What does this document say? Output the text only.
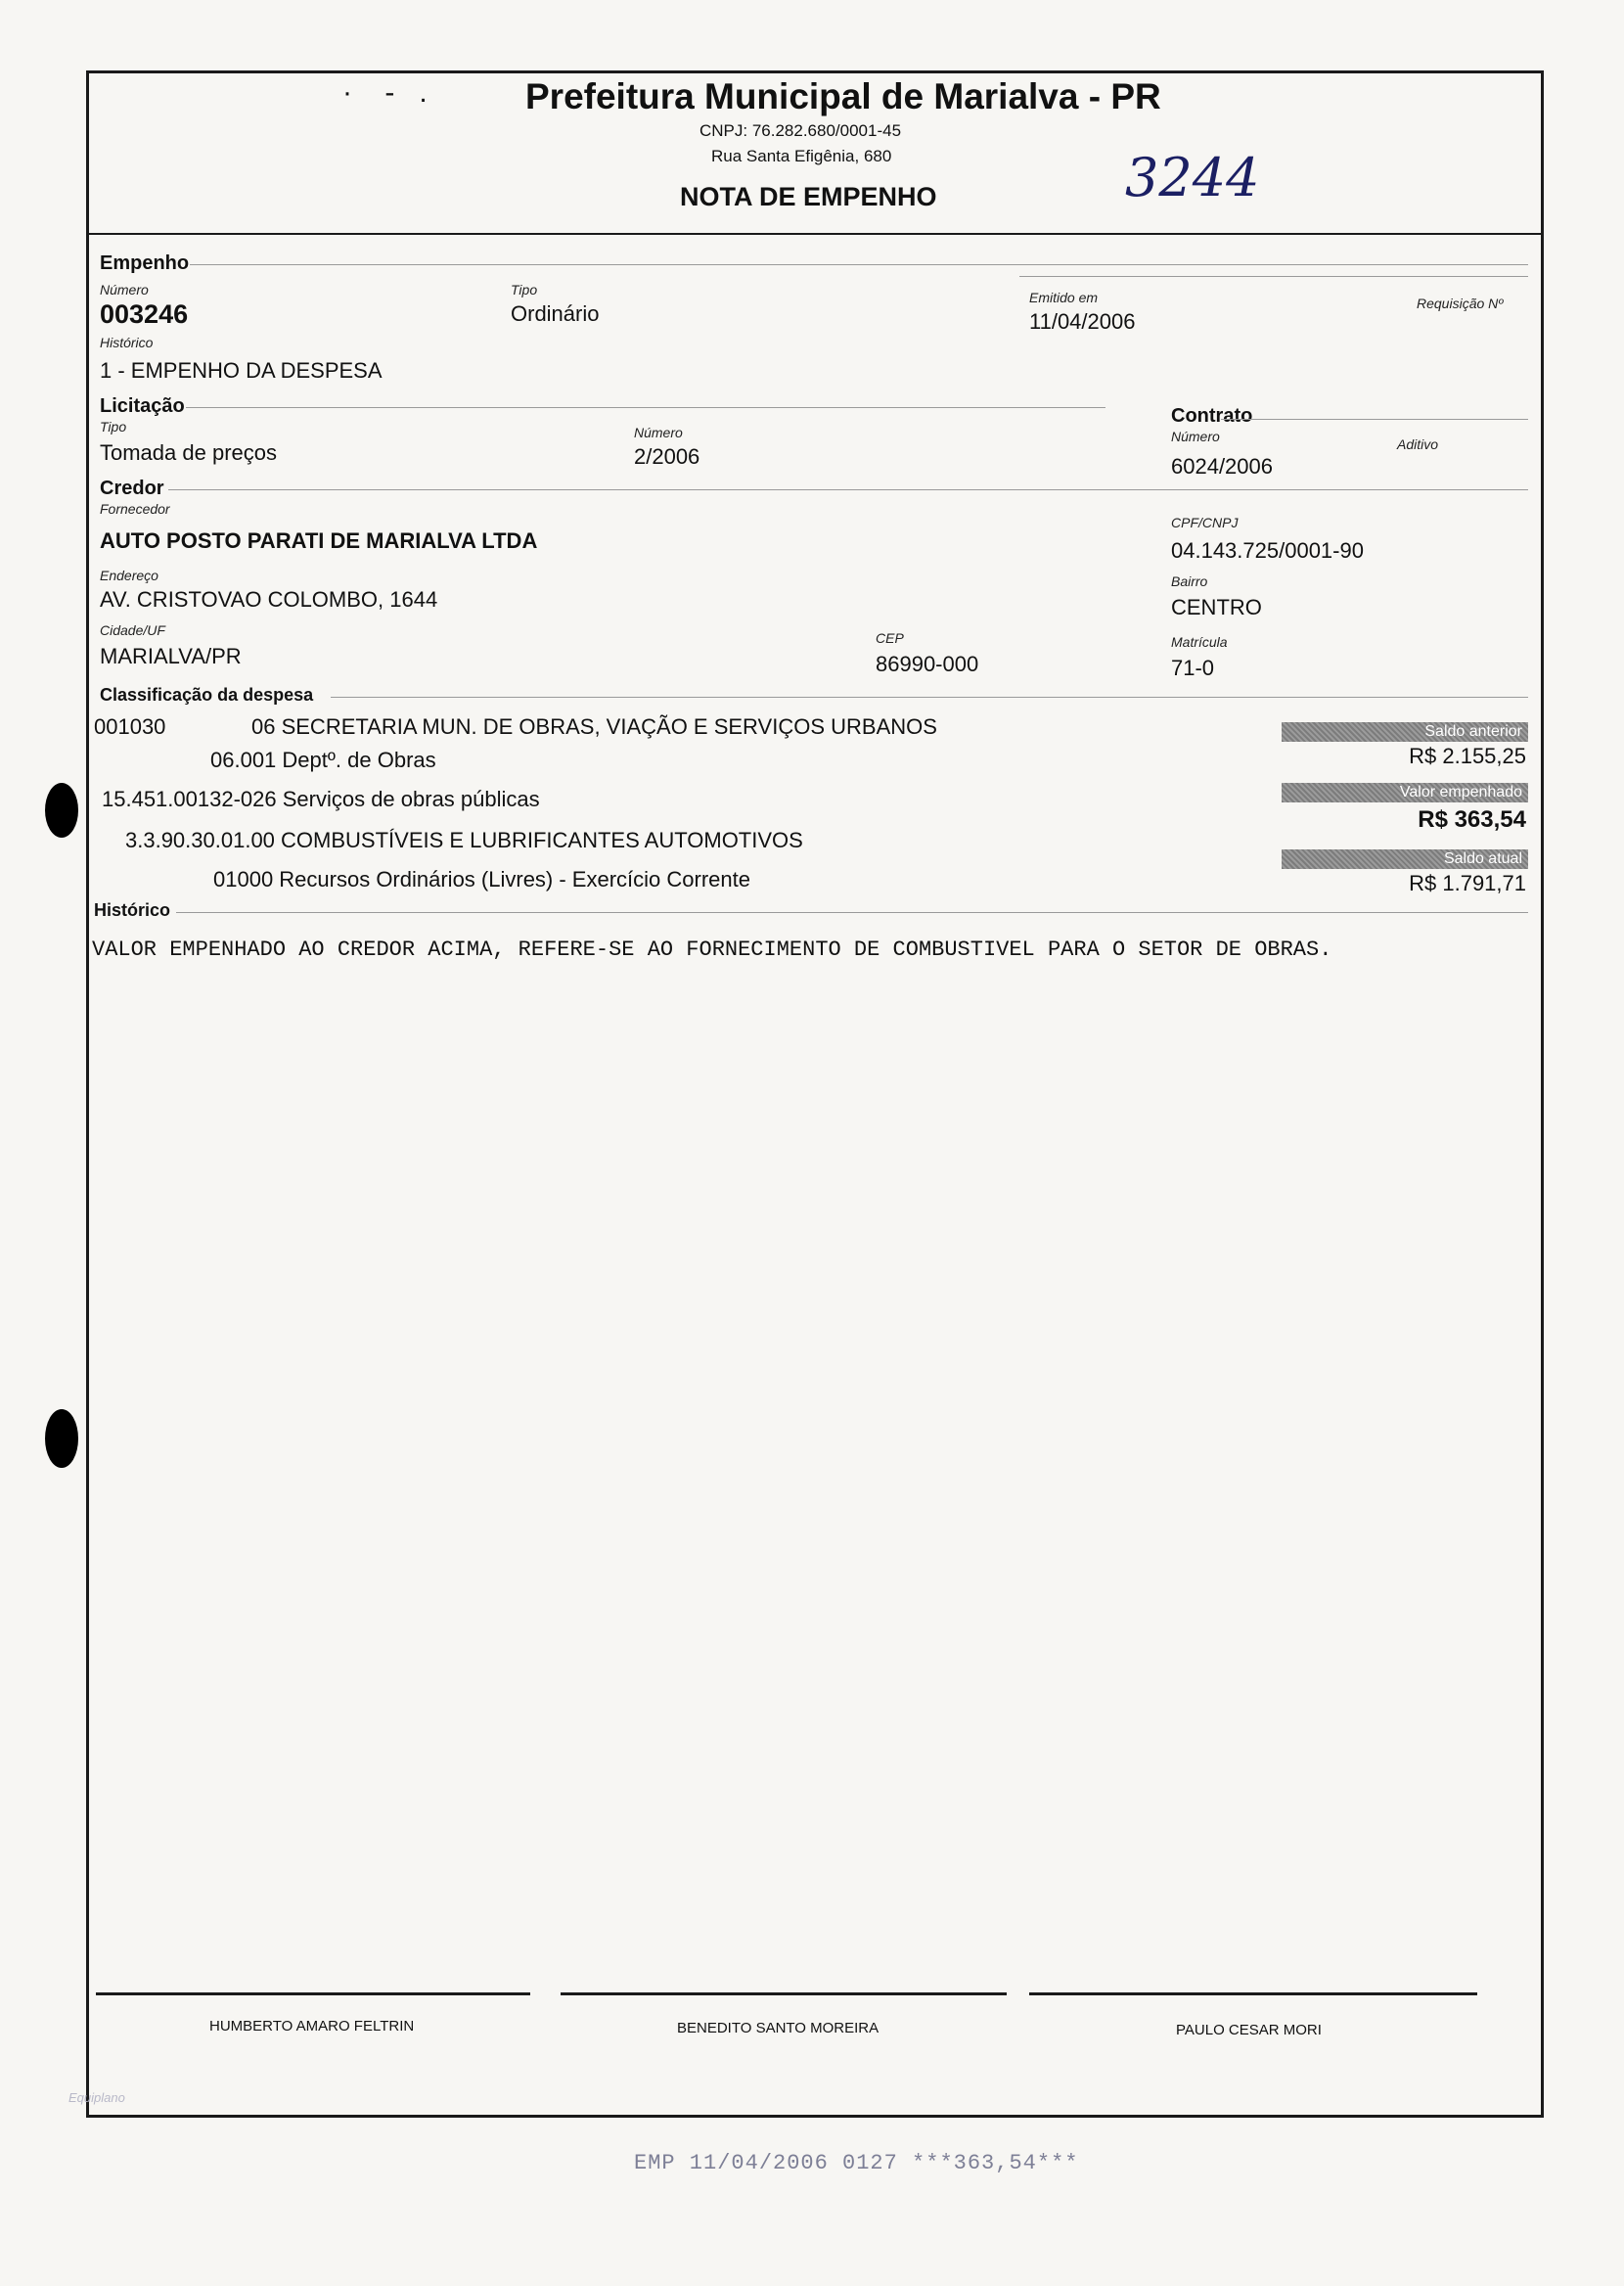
·    -   .	Prefeitura Municipal de Marialva - PR
CNPJ: 76.282.680/0001-45
Rua Santa Efigênia, 680
NOTA DE EMPENHO	3244
Empenho
Número
003246
Tipo
Ordinário
Emitido em
11/04/2006
Requisição Nº
Histórico
1 - EMPENHO DA DESPESA
Licitação
Tipo
Tomada de preços
Número
2/2006
Contrato
Número
6024/2006
Aditivo
Credor
Fornecedor
AUTO POSTO PARATI DE MARIALVA LTDA
CPF/CNPJ
04.143.725/0001-90
Endereço
AV. CRISTOVAO COLOMBO, 1644
Bairro
CENTRO
Cidade/UF
MARIALVA/PR
CEP
86990-000
Matrícula
71-0
Classificação da despesa
001030	06 SECRETARIA MUN. DE OBRAS, VIAÇÃO E SERVIÇOS URBANOS
06.001 Deptº. de Obras
15.451.00132-026 Serviços de obras públicas
3.3.90.30.01.00 COMBUSTÍVEIS E LUBRIFICANTES AUTOMOTIVOS
01000 Recursos Ordinários (Livres) - Exercício Corrente
Saldo anterior
R$ 2.155,25
Valor empenhado
R$ 363,54
Saldo atual
R$ 1.791,71
Histórico
VALOR EMPENHADO AO CREDOR ACIMA, REFERE-SE AO FORNECIMENTO DE COMBUSTIVEL PARA O SETOR DE OBRAS.
HUMBERTO AMARO FELTRIN	BENEDITO SANTO MOREIRA	PAULO CESAR MORI
Equiplano
EMP 11/04/2006 0127 ***363,54***
